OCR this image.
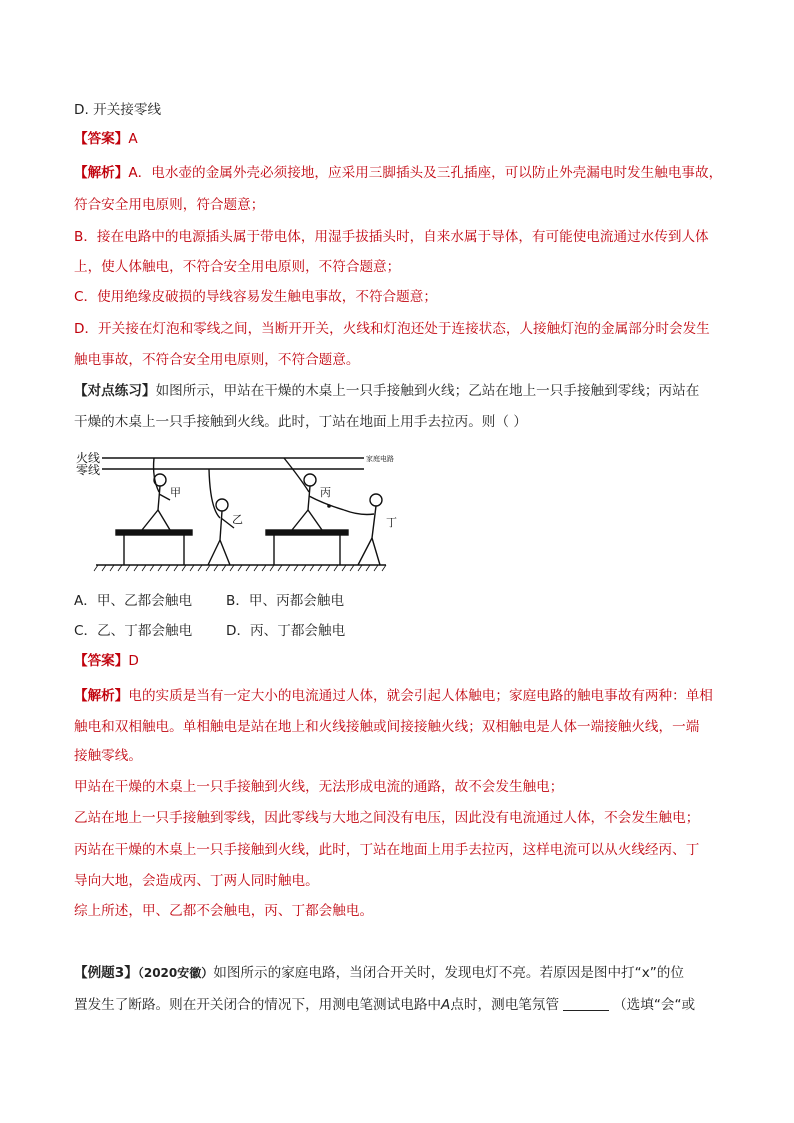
D. 开关接零线
【答案】A
【解析】A．电水壶的金属外壳必须接地，应采用三脚插头及三孔插座，可以防止外壳漏电时发生触电事故，
符合安全用电原则，符合题意；
B．接在电路中的电源插头属于带电体，用湿手拔插头时，自来水属于导体，有可能使电流通过水传到人体
上，使人体触电，不符合安全用电原则，不符合题意；
C．使用绝缘皮破损的导线容易发生触电事故，不符合题意；
D．开关接在灯泡和零线之间，当断开开关，火线和灯泡还处于连接状态，人接触灯泡的金属部分时会发生
触电事故，不符合安全用电原则，不符合题意。
【对点练习】如图所示，甲站在干燥的木桌上一只手接触到火线；乙站在地上一只手接触到零线；丙站在
干燥的木桌上一只手接触到火线。此时，丁站在地面上用手去拉丙。则（ ）
火线
零线
家庭电路
甲
乙
丙
丁
A．甲、乙都会触电 B．甲、丙都会触电
C．乙、丁都会触电 D．丙、丁都会触电
【答案】D
【解析】电的实质是当有一定大小的电流通过人体，就会引起人体触电；家庭电路的触电事故有两种：单相
触电和双相触电。单相触电是站在地上和火线接触或间接接触火线；双相触电是人体一端接触火线，一端
接触零线。
甲站在干燥的木桌上一只手接触到火线，无法形成电流的通路，故不会发生触电；
乙站在地上一只手接触到零线，因此零线与大地之间没有电压，因此没有电流通过人体，不会发生触电；
丙站在干燥的木桌上一只手接触到火线，此时，丁站在地面上用手去拉丙，这样电流可以从火线经丙、丁
导向大地，会造成丙、丁两人同时触电。
综上所述，甲、乙都不会触电，丙、丁都会触电。
【例题3】（2020安徽）如图所示的家庭电路，当闭合开关时，发现电灯不亮。若原因是图中打“x”的位
置发生了断路。则在开关闭合的情况下，用测电笔测试电路中A点时，测电笔氖管	（选填“会“或
